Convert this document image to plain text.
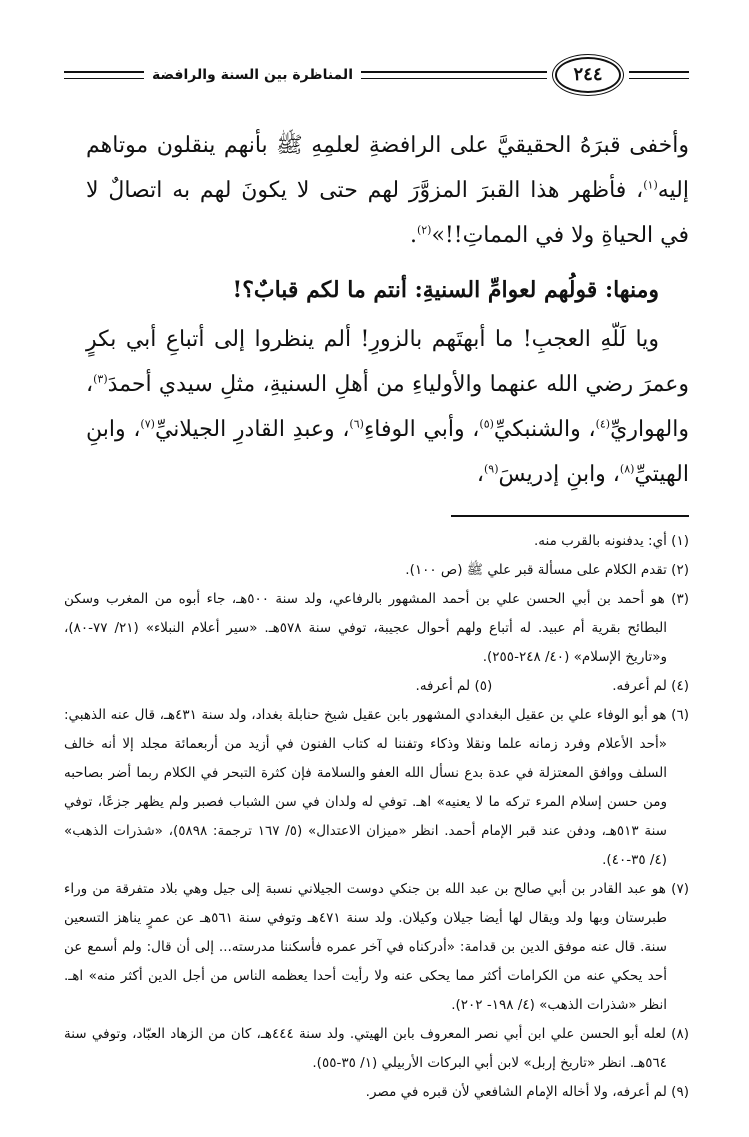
المناظرة بين السنة والرافضة	٢٤٤

وأخفى قبرَهُ الحقيقيَّ على الرافضةِ لعلمِهِ ﷺ بأنهم ينقلون موتاهم إليه$^{(١)}$، فأظهر هذا القبرَ المزوَّرَ لهم حتى لا يكونَ لهم به اتصالٌ لا في الحياةِ ولا في المماتِ!!»$^{(٢)}$.

ومنها: قولُهم لعوامِّ السنيةِ: أنتم ما لكم قبابٌ؟!

ويا لَلّهِ العجبِ! ما أبهتَهم بالزورِ! ألم ينظروا إلى أتباعِ أبي بكرٍ وعمرَ رضي الله عنهما والأولياءِ من أهلِ السنيةِ، مثلِ سيدي أحمدَ$^{(٣)}$، والهواريِّ$^{(٤)}$، والشنبكيِّ$^{(٥)}$، وأبي الوفاءِ$^{(٦)}$، وعبدِ القادرِ الجيلانيِّ$^{(٧)}$، وابنِ الهيتيِّ$^{(٨)}$، وابنِ إدريسَ$^{(٩)}$،

(١) أي: يدفنونه بالقرب منه.

(٢) تقدم الكلام على مسألة قبر علي ﷺ (ص ١٠٠).

(٣) هو أحمد بن أبي الحسن علي بن أحمد المشهور بالرفاعي، ولد سنة ٥٠٠هـ، جاء أبوه من المغرب وسكن البطائح بقرية أم عبيد. له أتباع ولهم أحوال عجيبة، توفي سنة ٥٧٨هـ. «سير أعلام النبلاء» (٢١/ ٧٧-٨٠)، و«تاريخ الإسلام» (٤٠/ ٢٤٨-٢٥٥).

(٤) لم أعرفه.

(٥) لم أعرفه.

(٦) هو أبو الوفاء علي بن عقيل البغدادي المشهور بابن عقيل شيخ حنابلة بغداد، ولد سنة ٤٣١هـ، قال عنه الذهبي: «أحد الأعلام وفرد زمانه علما ونقلا وذكاء وتفننا له كتاب الفنون في أزيد من أربعمائة مجلد إلا أنه خالف السلف ووافق المعتزلة في عدة بدع نسأل الله العفو والسلامة فإن كثرة التبحر في الكلام ربما أضر بصاحبه ومن حسن إسلام المرء تركه ما لا يعنيه» اهـ. توفي له ولدان في سن الشباب فصبر ولم يظهر جزعًا، توفي سنة ٥١٣هـ، ودفن عند قبر الإمام أحمد. انظر «ميزان الاعتدال» (٥/ ١٦٧ ترجمة: ٥٨٩٨)، «شذرات الذهب» (٤/ ٣٥-٤٠).

(٧) هو عبد القادر بن أبي صالح بن عبد الله بن جنكي دوست الجيلاني نسبة إلى جيل وهي بلاد متفرقة من وراء طبرستان وبها ولد ويقال لها أيضا جيلان وكيلان. ولد سنة ٤٧١هـ وتوفي سنة ٥٦١هـ عن عمرٍ يناهز التسعين سنة. قال عنه موفق الدين بن قدامة: «أدركناه في آخر عمره فأسكننا مدرسته... إلى أن قال: ولم أسمع عن أحد يحكي عنه من الكرامات أكثر مما يحكى عنه ولا رأيت أحدا يعظمه الناس من أجل الدين أكثر منه» اهـ. انظر «شذرات الذهب» (٤/ ١٩٨- ٢٠٢).

(٨) لعله أبو الحسن علي ابن أبي نصر المعروف بابن الهيتي. ولد سنة ٤٤٤هـ، كان من الزهاد العبّاد، وتوفي سنة ٥٦٤هـ. انظر «تاريخ إربل» لابن أبي البركات الأربيلي (١/ ٣٥-٥٥).

(٩) لم أعرفه، ولا أخاله الإمام الشافعي لأن قبره في مصر.
